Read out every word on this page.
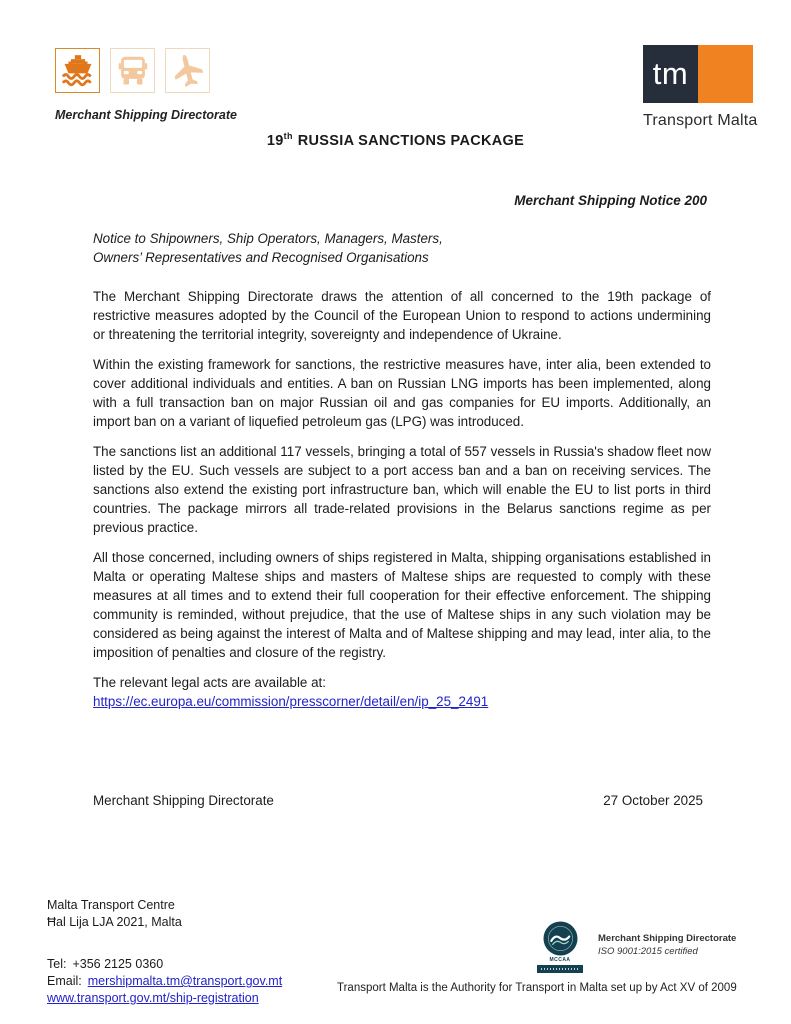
Merchant Shipping Directorate
tm
Transport Malta
19th RUSSIA SANCTIONS PACKAGE
Merchant Shipping Notice 200
Notice to Shipowners, Ship Operators, Managers, Masters,
Owners’ Representatives and Recognised Organisations

The Merchant Shipping Directorate draws the attention of all concerned to the 19th package of restrictive measures adopted by the Council of the European Union to respond to actions undermining or threatening the territorial integrity, sovereignty and independence of Ukraine.

Within the existing framework for sanctions, the restrictive measures have, inter alia, been extended to cover additional individuals and entities. A ban on Russian LNG imports has been implemented, along with a full transaction ban on major Russian oil and gas companies for EU imports. Additionally, an import ban on a variant of liquefied petroleum gas (LPG) was introduced.

The sanctions list an additional 117 vessels, bringing a total of 557 vessels in Russia's shadow fleet now listed by the EU. Such vessels are subject to a port access ban and a ban on receiving services. The sanctions also extend the existing port infrastructure ban, which will enable the EU to list ports in third countries. The package mirrors all trade-related provisions in the Belarus sanctions regime as per previous practice.

All those concerned, including owners of ships registered in Malta, shipping organisations established in Malta or operating Maltese ships and masters of Maltese ships are requested to comply with these measures at all times and to extend their full cooperation for their effective enforcement. The shipping community is reminded, without prejudice, that the use of Maltese ships in any such violation may be considered as being against the interest of Malta and of Maltese shipping and may lead, inter alia, to the imposition of penalties and closure of the registry.

The relevant legal acts are available at:
https://ec.europa.eu/commission/presscorner/detail/en/ip_25_2491

Merchant Shipping Directorate	27 October 2025
Malta Transport Centre
Ħal Lija LJA 2021, Malta
Tel: +356 2125 0360
Email: mershipmalta.tm@transport.gov.mt
www.transport.gov.mt/ship-registration
MCCAA
Merchant Shipping Directorate
ISO 9001:2015 certified
Transport Malta is the Authority for Transport in Malta set up by Act XV of 2009
